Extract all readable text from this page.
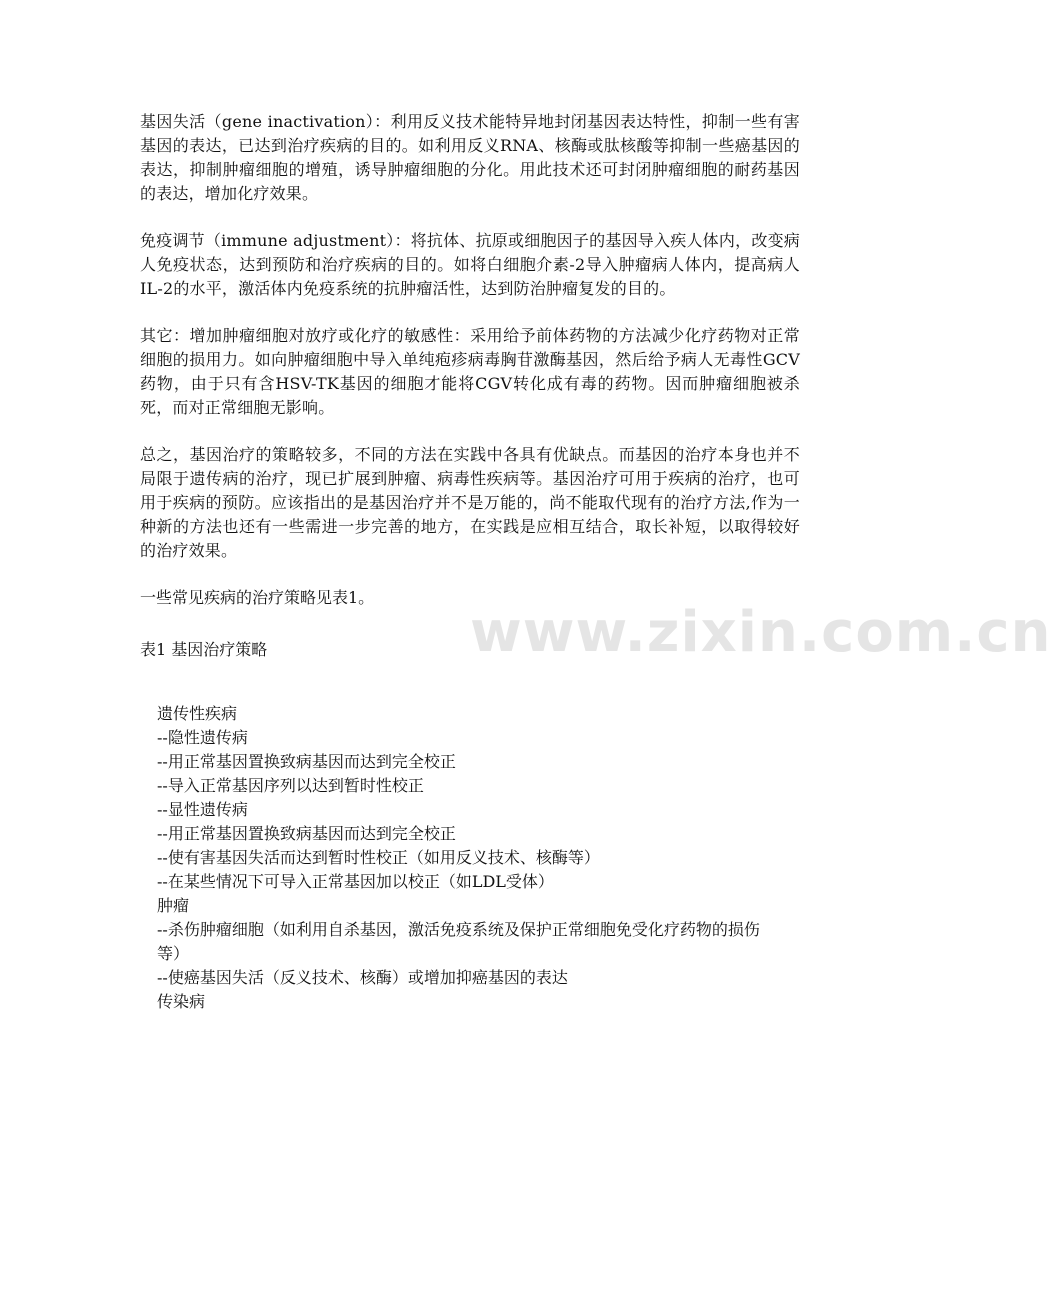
www.zixin.com.cn

基因失活（gene inactivation）：利用反义技术能特异地封闭基因表达特性，抑制一些有害基因的表达，已达到治疗疾病的目的。如利用反义RNA、核酶或肽核酸等抑制一些癌基因的表达，抑制肿瘤细胞的增殖，诱导肿瘤细胞的分化。用此技术还可封闭肿瘤细胞的耐药基因的表达，增加化疗效果。

免疫调节（immune adjustment）：将抗体、抗原或细胞因子的基因导入疾人体内，改变病人免疫状态，达到预防和治疗疾病的目的。如将白细胞介素-2导入肿瘤病人体内，提高病人IL-2的水平，激活体内免疫系统的抗肿瘤活性，达到防治肿瘤复发的目的。

其它：增加肿瘤细胞对放疗或化疗的敏感性：采用给予前体药物的方法减少化疗药物对正常细胞的损用力。如向肿瘤细胞中导入单纯疱疹病毒胸苷激酶基因，然后给予病人无毒性GCV药物，由于只有含HSV-TK基因的细胞才能将CGV转化成有毒的药物。因而肿瘤细胞被杀死，而对正常细胞无影响。

总之，基因治疗的策略较多，不同的方法在实践中各具有优缺点。而基因的治疗本身也并不局限于遗传病的治疗，现已扩展到肿瘤、病毒性疾病等。基因治疗可用于疾病的治疗，也可用于疾病的预防。应该指出的是基因治疗并不是万能的，尚不能取代现有的治疗方法,作为一种新的方法也还有一些需进一步完善的地方，在实践是应相互结合，取长补短，以取得较好的治疗效果。

一些常见疾病的治疗策略见表1。

表1 基因治疗策略

遗传性疾病

--隐性遗传病

--用正常基因置换致病基因而达到完全校正

--导入正常基因序列以达到暂时性校正

--显性遗传病

--用正常基因置换致病基因而达到完全校正

--使有害基因失活而达到暂时性校正（如用反义技术、核酶等）

--在某些情况下可导入正常基因加以校正（如LDL受体）

肿瘤

--杀伤肿瘤细胞（如利用自杀基因，激活免疫系统及保护正常细胞免受化疗药物的损伤等）

--使癌基因失活（反义技术、核酶）或增加抑癌基因的表达

传染病
